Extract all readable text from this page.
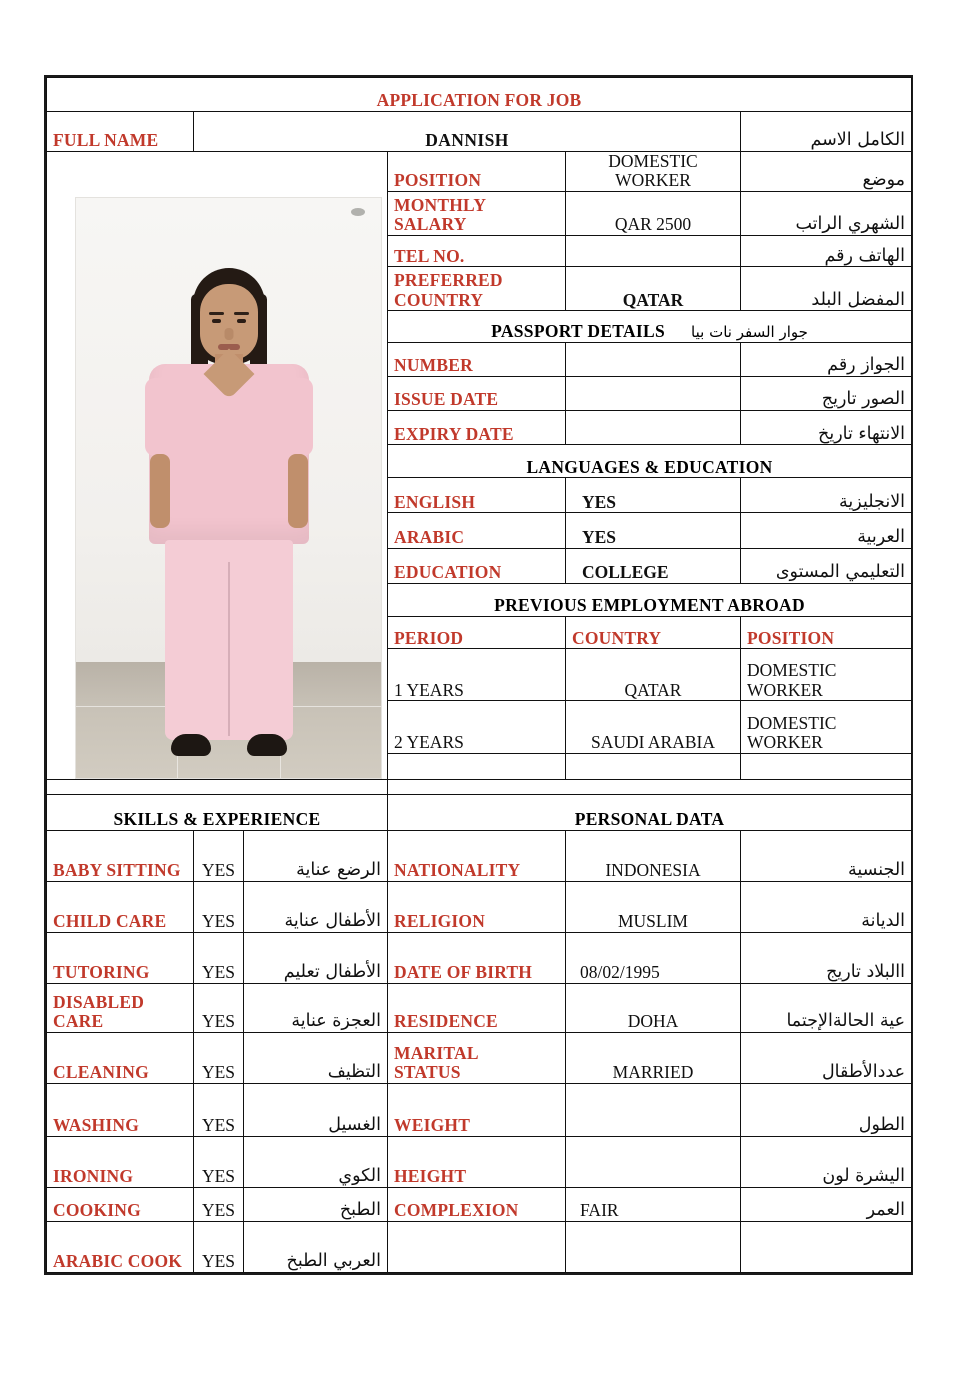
APPLICATION FOR JOB					
FULL NAME	DANNISH				الكامل الاسم

			POSITION	DOMESTIC
WORKER	موضع
			MONTHLY
SALARY	QAR 2500	الشهري الراتب
			TEL NO.		الهاتف رقم
			PREFERRED
COUNTRY	QATAR	المفضل البلد
			PASSPORT DETAILS جوار السفر نات بيا		
			NUMBER		الجواز رقم
			ISSUE DATE		الصور تاريج
			EXPIRY DATE		الانتهاء تاريخ
			LANGUAGES & EDUCATION		
			ENGLISH	YES	الانجليزية
			ARABIC	YES	العربية
			EDUCATION	COLLEGE	التعليمي المستوى
			PREVIOUS EMPLOYMENT ABROAD		
			PERIOD	COUNTRY	POSITION
			1 YEARS	QATAR	DOMESTIC
WORKER
			2 YEARS	SAUDI ARABIA	DOMESTIC
WORKER

SKILLS & EXPERIENCE			PERSONAL DATA		
BABY SITTING	YES	الرضع عناية	NATIONALITY	INDONESIA	الجنسية
CHILD CARE	YES	الأطفال عناية	RELIGION	MUSLIM	الديانة
TUTORING	YES	الأطفال تعليم	DATE OF BIRTH	08/02/1995	االبلاد تاريج
DISABLED
CARE	YES	العجزة عناية	RESIDENCE	DOHA	عية الحالةالإجتما
CLEANING	YES	التظيف	MARITAL
STATUS	MARRIED	عددالأطقال
WASHING	YES	الغسيل	WEIGHT		الطول
IRONING	YES	الكوي	HEIGHT		اليشرة لون
COOKING	YES	الطبخ	COMPLEXION	FAIR	العمر
ARABIC COOK	YES	العربي الطبخ			
